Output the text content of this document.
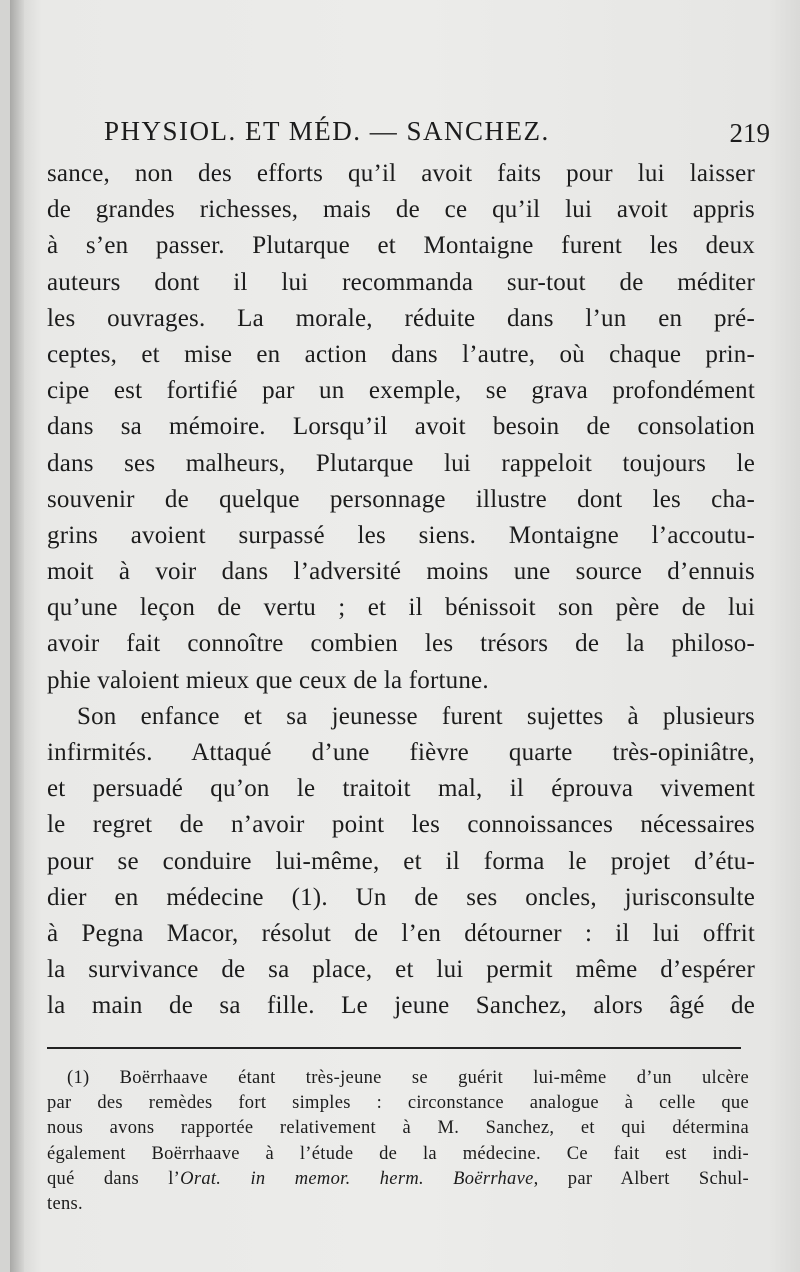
PHYSIOL. ET MÉD. — SANCHEZ.	219
sance, non des efforts qu’il avoit faits pour lui laisser
de grandes richesses, mais de ce qu’il lui avoit appris
à s’en passer. Plutarque et Montaigne furent les deux
auteurs dont il lui recommanda sur-tout de méditer
les ouvrages. La morale, réduite dans l’un en pré-
ceptes, et mise en action dans l’autre, où chaque prin-
cipe est fortifié par un exemple, se grava profondément
dans sa mémoire. Lorsqu’il avoit besoin de consolation
dans ses malheurs, Plutarque lui rappeloit toujours le
souvenir de quelque personnage illustre dont les cha-
grins avoient surpassé les siens. Montaigne l’accoutu-
moit à voir dans l’adversité moins une source d’ennuis
qu’une leçon de vertu ; et il bénissoit son père de lui
avoir fait connoître combien les trésors de la philoso-
phie valoient mieux que ceux de la fortune.
Son enfance et sa jeunesse furent sujettes à plusieurs
infirmités. Attaqué d’une fièvre quarte très-opiniâtre,
et persuadé qu’on le traitoit mal, il éprouva vivement
le regret de n’avoir point les connoissances nécessaires
pour se conduire lui-même, et il forma le projet d’étu-
dier en médecine (1). Un de ses oncles, jurisconsulte
à Pegna Macor, résolut de l’en détourner : il lui offrit
la survivance de sa place, et lui permit même d’espérer
la main de sa fille. Le jeune Sanchez, alors âgé de
(1) Boërrhaave étant très-jeune se guérit lui-même d’un ulcère
par des remèdes fort simples : circonstance analogue à celle que
nous avons rapportée relativement à M. Sanchez, et qui détermina
également Boërrhaave à l’étude de la médecine. Ce fait est indi-
qué dans l’Orat. in memor. herm. Boërrhave, par Albert Schul-
tens.
